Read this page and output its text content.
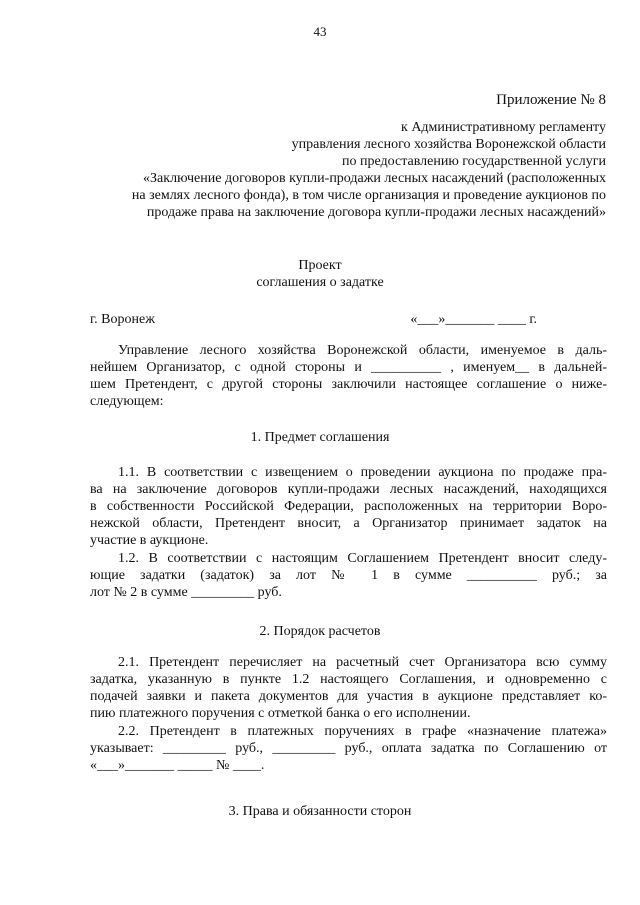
43
Приложение № 8
к Административному регламенту
управления лесного хозяйства Воронежской области
по предоставлению государственной услуги
«Заключение договоров купли-продажи лесных насаждений (расположенных
на землях лесного фонда), в том числе организация и проведение аукционов по
продаже права на заключение договора купли-продажи лесных насаждений»
Проект
соглашения о задатке
г. Воронеж	«___»_______ ____ г.
Управление лесного хозяйства Воронежской области, именуемое в даль-
нейшем Организатор, с одной стороны и __________ , именуем__ в дальней-
шем Претендент, с другой стороны заключили настоящее соглашение о ниже-
следующем:
1. Предмет соглашения
1.1. В соответствии с извещением о проведении аукциона по продаже пра-
ва на заключение договоров купли-продажи лесных насаждений, находящихся
в собственности Российской Федерации, расположенных на территории Воро-
нежской области, Претендент вносит, а Организатор принимает задаток на
участие в аукционе.
1.2. В соответствии с настоящим Соглашением Претендент вносит следу-
ющие задатки (задаток) за лот № 1 в сумме __________ руб.; за
лот № 2 в сумме _________ руб.
2. Порядок расчетов
2.1. Претендент перечисляет на расчетный счет Организатора всю сумму
задатка, указанную в пункте 1.2 настоящего Соглашения, и одновременно с
подачей заявки и пакета документов для участия в аукционе представляет ко-
пию платежного поручения с отметкой банка о его исполнении.
2.2. Претендент в платежных поручениях в графе «назначение платежа»
указывает: _________ руб., _________ руб., оплата задатка по Соглашению от
«___»_______ _____ № ____.
3. Права и обязанности сторон
